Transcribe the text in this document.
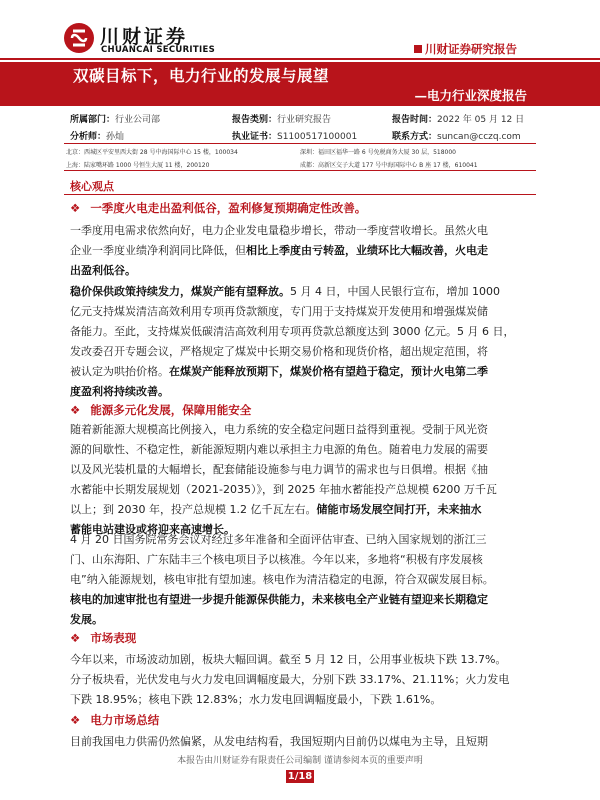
川财证券
CHUANCAI SECURITIES	川财证券研究报告
双碳目标下，电力行业的发展与展望
—电力行业深度报告
所属部门：行业公司部	报告类别：行业研究报告	报告时间：2022 年 05 月 12 日
分析师：孙灿	执业证书：S1100517100001	联系方式：suncan@cczq.com
北京：西城区平安里西大街 28 号中海国际中心 15 楼，100034	深圳：福田区福华一路 6 号免税商务大厦 30 层，518000
上海：陆家嘴环路 1000 号恒生大厦 11 楼，200120	成都：高新区交子大道 177 号中海国际中心 B 座 17 楼，610041
核心观点
❖ 一季度火电走出盈利低谷，盈利修复预期确定性改善。
一季度用电需求依然向好，电力企业发电量稳步增长，带动一季度营收增长。虽然火电
企业一季度业绩净利润同比降低，但相比上季度由亏转盈，业绩环比大幅改善，火电走
出盈利低谷。
稳价保供政策持续发力，煤炭产能有望释放。5 月 4 日，中国人民银行宣布，增加 1000
亿元支持煤炭清洁高效利用专项再贷款额度，专门用于支持煤炭开发使用和增强煤炭储
备能力。至此，支持煤炭低碳清洁高效利用专项再贷款总额度达到 3000 亿元。5 月 6 日，
发改委召开专题会议，严格规定了煤炭中长期交易价格和现货价格，超出规定范围，将
被认定为哄抬价格。在煤炭产能释放预期下，煤炭价格有望趋于稳定，预计火电第二季
度盈利将持续改善。
❖ 能源多元化发展，保障用能安全
随着新能源大规模高比例接入，电力系统的安全稳定问题日益得到重视。受制于风光资
源的间歇性、不稳定性，新能源短期内难以承担主力电源的角色。随着电力发展的需要
以及风光装机量的大幅增长，配套储能设施参与电力调节的需求也与日俱增。根据《抽
水蓄能中长期发展规划（2021-2035）》，到 2025 年抽水蓄能投产总规模 6200 万千瓦
以上；到 2030 年，投产总规模 1.2 亿千瓦左右。储能市场发展空间打开，未来抽水
蓄能电站建设或将迎来高速增长。
4 月 20 日国务院常务会议对经过多年准备和全面评估审查、已纳入国家规划的浙江三
门、山东海阳、广东陆丰三个核电项目予以核准。今年以来，多地将“积极有序发展核
电”纳入能源规划，核电审批有望加速。核电作为清洁稳定的电源，符合双碳发展目标。
核电的加速审批也有望进一步提升能源保供能力，未来核电全产业链有望迎来长期稳定
发展。
❖ 市场表现
今年以来，市场波动加剧，板块大幅回调。截至 5 月 12 日，公用事业板块下跌 13.7%。
分子板块看，光伏发电与火力发电回调幅度最大，分别下跌 33.17%、21.11%；火力发电
下跌 18.95%；核电下跌 12.83%；水力发电回调幅度最小，下跌 1.61%。
❖ 电力市场总结
目前我国电力供需仍然偏紧，从发电结构看，我国短期内目前仍以煤电为主导，且短期
本报告由川财证券有限责任公司编制 谨请参阅本页的重要声明
1/18
